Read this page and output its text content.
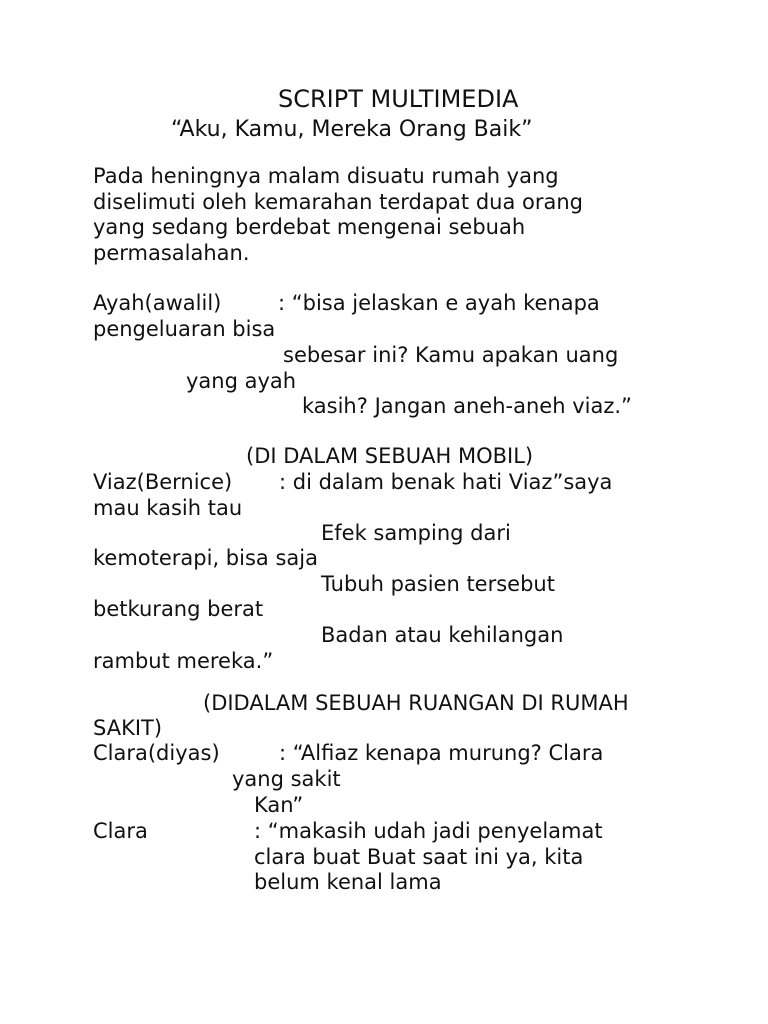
SCRIPT MULTIMEDIA
“Aku, Kamu, Mereka Orang Baik”
Pada heningnya malam disuatu rumah yang
diselimuti oleh kemarahan terdapat dua orang
yang sedang berdebat mengenai sebuah
permasalahan.
Ayah(awalil)	: “bisa jelaskan e ayah kenapa
pengeluaran bisa
sebesar ini? Kamu apakan uang
yang ayah
kasih? Jangan aneh-aneh viaz.”
(DI DALAM SEBUAH MOBIL)
Viaz(Bernice) : di dalam benak hati Viaz”saya
mau kasih tau
Efek samping dari
kemoterapi, bisa saja
Tubuh pasien tersebut
betkurang berat
Badan atau kehilangan
rambut mereka.”
(DIDALAM SEBUAH RUANGAN DI RUMAH
SAKIT)
Clara(diyas)	: “Alfiaz kenapa murung? Clara
yang sakit
Kan”
Clara	: “makasih udah jadi penyelamat
clara buat Buat saat ini ya, kita
belum kenal lama
